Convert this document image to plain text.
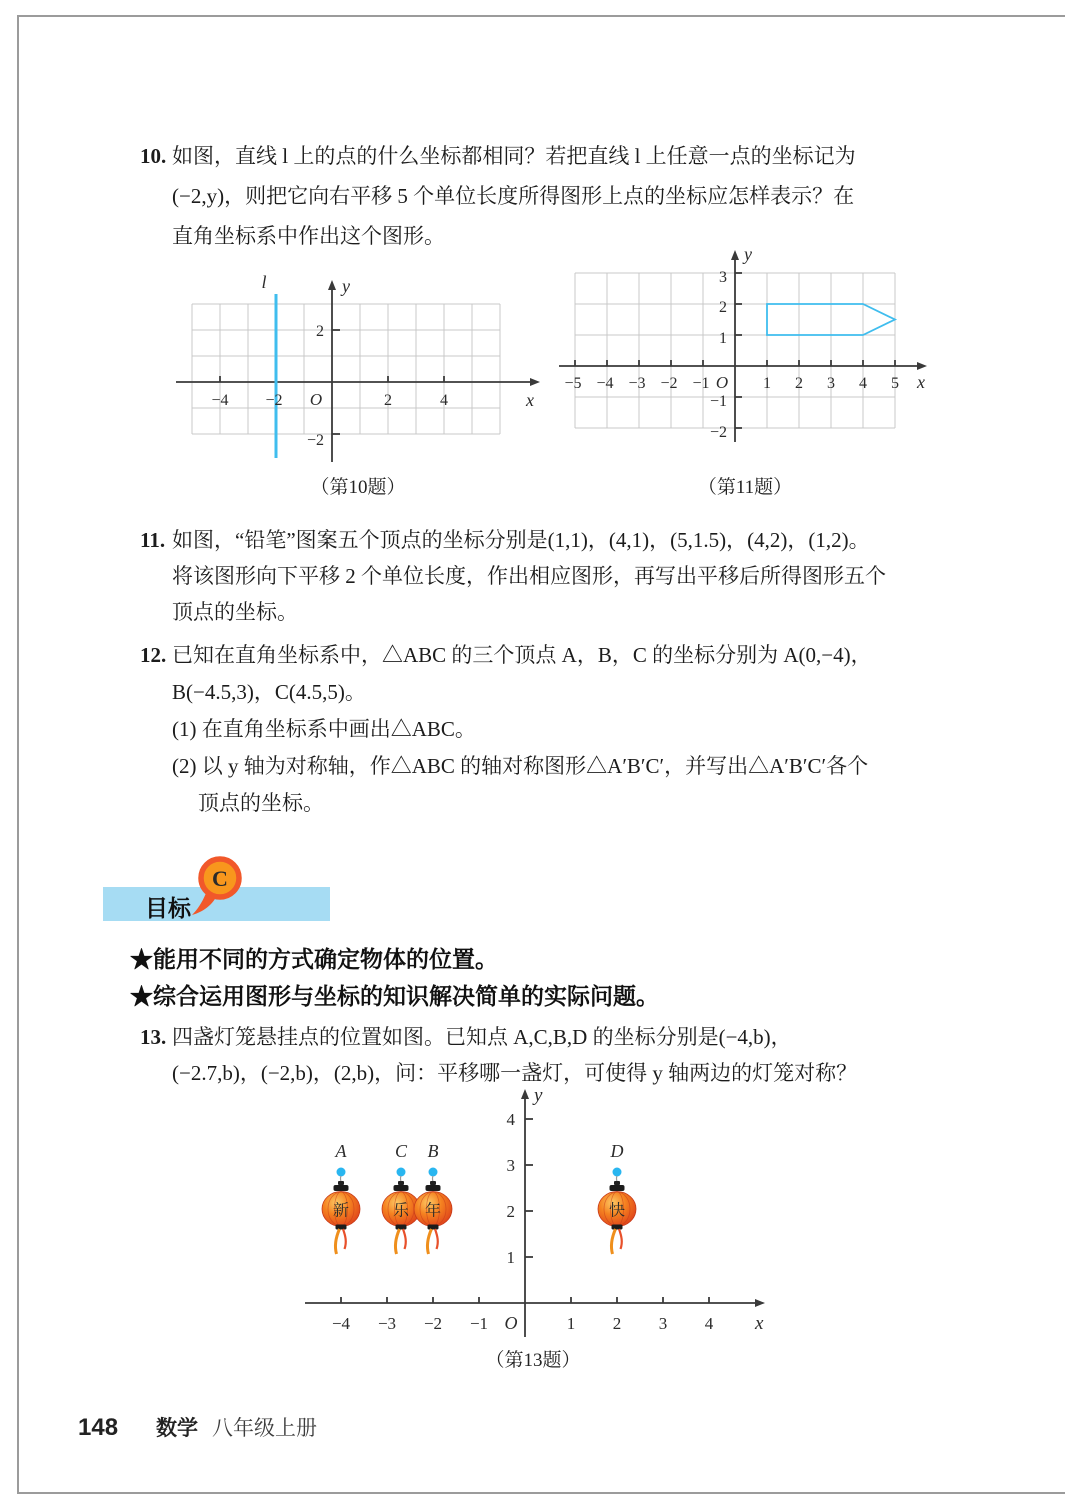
10. 如图，直线 l 上的点的什么坐标都相同？若把直线 l 上任意一点的坐标记为
(−2,y)，则把它向右平移 5 个单位长度所得图形上点的坐标应怎样表示？在
直角坐标系中作出这个图形。
l	y
x
O
−4 −2	2	4
2
−2
（第10题）
y
x
O
−5 −4 −3 −2 −1	1 2 3 4 5
3
2
1
−1
−2
（第11题）
11. 如图，“铅笔”图案五个顶点的坐标分别是(1,1)，(4,1)，(5,1.5)，(4,2)，(1,2)。
将该图形向下平移 2 个单位长度，作出相应图形，再写出平移后所得图形五个
顶点的坐标。
12. 已知在直角坐标系中，△ABC 的三个顶点 A，B，C 的坐标分别为 A(0,−4)，
B(−4.5,3)，C(4.5,5)。
(1) 在直角坐标系中画出△ABC。
(2) 以 y 轴为对称轴，作△ABC 的轴对称图形△A′B′C′，并写出△A′B′C′各个
顶点的坐标。
目标
C
★能用不同的方式确定物体的位置。
★综合运用图形与坐标的知识解决简单的实际问题。
13. 四盏灯笼悬挂点的位置如图。已知点 A,C,B,D 的坐标分别是(−4,b)，
(−2.7,b)，(−2,b)，(2,b)，问：平移哪一盏灯，可使得 y 轴两边的灯笼对称？
y
x
O
−4 −3 −2 −1	1 2 3 4
1
2
3
4
A	C B	D
新	乐 年	快
（第13题）
148 数学 八年级上册
